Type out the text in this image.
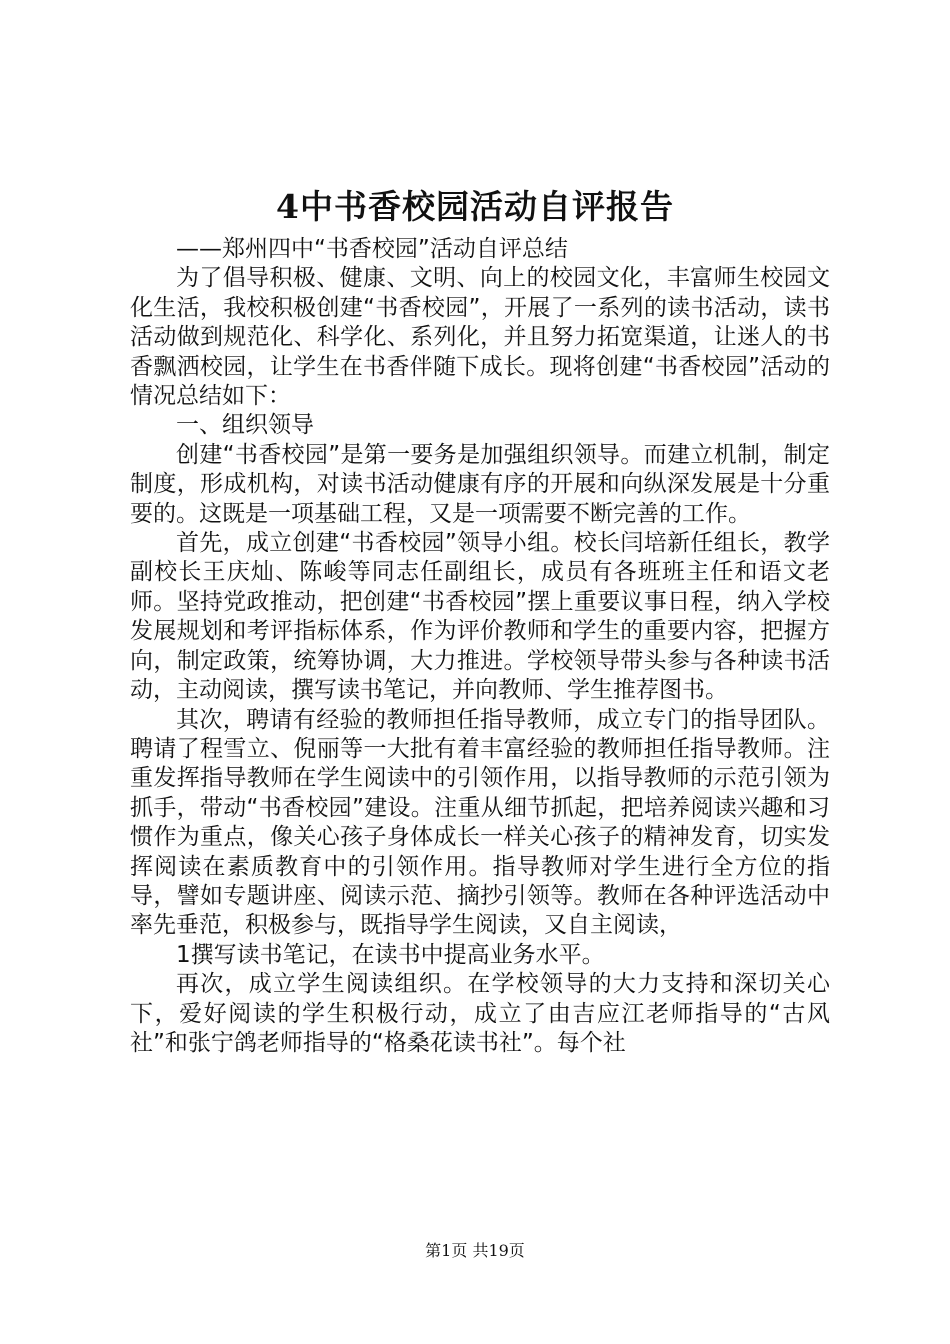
4中书香校园活动自评报告

——郑州四中“书香校园”活动自评总结

为了倡导积极、健康、文明、向上的校园文化，丰富师生校园文化生活，我校积极创建“书香校园”，开展了一系列的读书活动，读书活动做到规范化、科学化、系列化，并且努力拓宽渠道，让迷人的书香飘洒校园，让学生在书香伴随下成长。现将创建“书香校园”活动的情况总结如下：

一、组织领导

创建“书香校园”是第一要务是加强组织领导。而建立机制，制定制度，形成机构，对读书活动健康有序的开展和向纵深发展是十分重要的。这既是一项基础工程，又是一项需要不断完善的工作。

首先，成立创建“书香校园”领导小组。校长闫培新任组长，教学副校长王庆灿、陈峻等同志任副组长，成员有各班班主任和语文老师。坚持党政推动，把创建“书香校园”摆上重要议事日程，纳入学校发展规划和考评指标体系，作为评价教师和学生的重要内容，把握方向，制定政策，统筹协调，大力推进。学校领导带头参与各种读书活动，主动阅读，撰写读书笔记，并向教师、学生推荐图书。

其次，聘请有经验的教师担任指导教师，成立专门的指导团队。聘请了程雪立、倪丽等一大批有着丰富经验的教师担任指导教师。注重发挥指导教师在学生阅读中的引领作用，以指导教师的示范引领为抓手，带动“书香校园”建设。注重从细节抓起，把培养阅读兴趣和习惯作为重点，像关心孩子身体成长一样关心孩子的精神发育，切实发挥阅读在素质教育中的引领作用。指导教师对学生进行全方位的指导，譬如专题讲座、阅读示范、摘抄引领等。教师在各种评选活动中率先垂范，积极参与，既指导学生阅读，又自主阅读，

1撰写读书笔记，在读书中提高业务水平。

再次，成立学生阅读组织。在学校领导的大力支持和深切关心下，爱好阅读的学生积极行动，成立了由吉应江老师指导的“古风社”和张宁鸽老师指导的“格桑花读书社”。每个社

第1页 共19页
